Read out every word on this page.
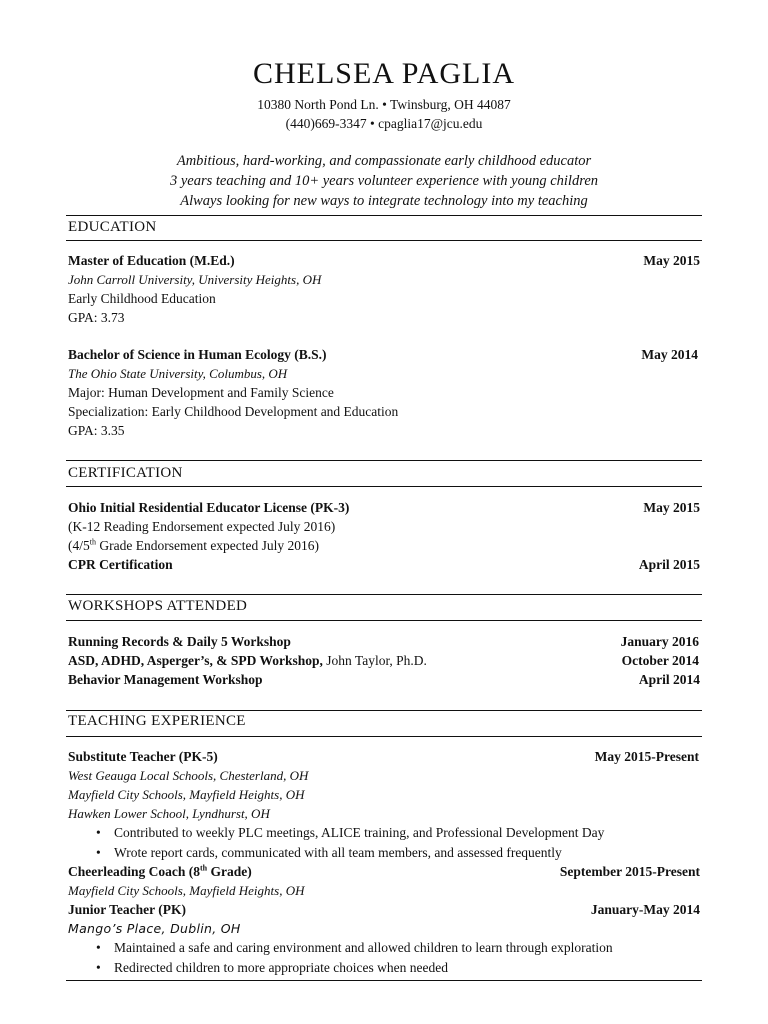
CHELSEA PAGLIA
10380 North Pond Ln. • Twinsburg, OH 44087
(440)669-3347 • cpaglia17@jcu.edu
Ambitious, hard-working, and compassionate early childhood educator
3 years teaching and 10+ years volunteer experience with young children
Always looking for new ways to integrate technology into my teaching
EDUCATION
Master of Education (M.Ed.)	May 2015
John Carroll University, University Heights, OH
Early Childhood Education
GPA: 3.73
Bachelor of Science in Human Ecology (B.S.)	May 2014
The Ohio State University, Columbus, OH
Major: Human Development and Family Science
Specialization: Early Childhood Development and Education
GPA: 3.35
CERTIFICATION
Ohio Initial Residential Educator License (PK-3)	May 2015
(K-12 Reading Endorsement expected July 2016)
(4/5th Grade Endorsement expected July 2016)
CPR Certification	April 2015
WORKSHOPS ATTENDED
Running Records & Daily 5 Workshop	January 2016
ASD, ADHD, Asperger’s, & SPD Workshop, John Taylor, Ph.D.	October 2014
Behavior Management Workshop	April 2014
TEACHING EXPERIENCE
Substitute Teacher (PK-5)	May 2015-Present
West Geauga Local Schools, Chesterland, OH
Mayfield City Schools, Mayfield Heights, OH
Hawken Lower School, Lyndhurst, OH
• Contributed to weekly PLC meetings, ALICE training, and Professional Development Day
• Wrote report cards, communicated with all team members, and assessed frequently
Cheerleading Coach (8th Grade)	September 2015-Present
Mayfield City Schools, Mayfield Heights, OH
Junior Teacher (PK)	January-May 2014
Mango’s Place, Dublin, OH
• Maintained a safe and caring environment and allowed children to learn through exploration
• Redirected children to more appropriate choices when needed
